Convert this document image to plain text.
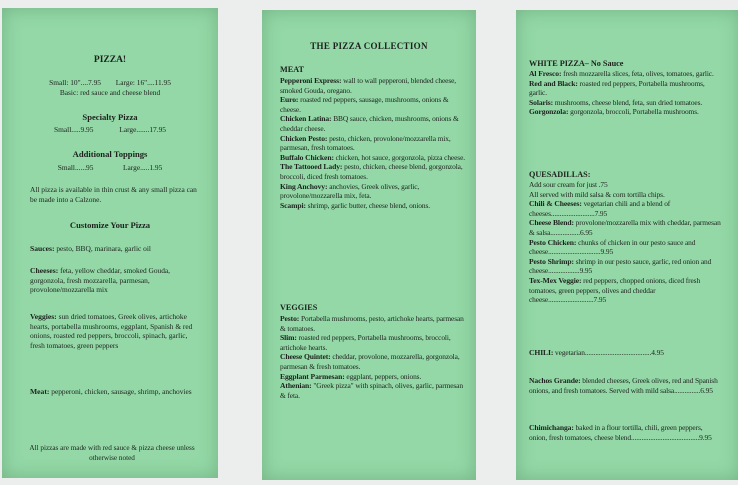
PIZZA!
Small: 10"....7.95        Large: 16"....11.95
Basic: red sauce and cheese blend
Specialty Pizza
Small.....9.95              Large.......17.95
Additional Toppings
Small......95                Large.....1.95
All pizza is available in thin crust & any small pizza can be made into a Calzone.
Customize Your Pizza
Sauces: pesto, BBQ, marinara, garlic oil
Cheeses: feta, yellow cheddar, smoked Gouda, gorgonzola, fresh mozzarella, parmesan, provolone/mozzarella mix
Veggies: sun dried tomatoes, Greek olives, artichoke hearts, portabella mushrooms, eggplant, Spanish & red onions, roasted red peppers, broccoli, spinach, garlic, fresh tomatoes, green peppers
Meat: pepperoni, chicken, sausage, shrimp, anchovies
All pizzas are made with red sauce & pizza cheese unless otherwise noted
THE PIZZA COLLECTION
MEAT
Pepperoni Express: wall to wall pepperoni, blended cheese, smoked Gouda, oregano.
Euro: roasted red peppers, sausage, mushrooms, onions & cheese.
Chicken Latina: BBQ sauce, chicken, mushrooms, onions & cheddar cheese.
Chicken Pesto: pesto, chicken, provolone/mozzarella mix, parmesan, fresh tomatoes.
Buffalo Chicken: chicken, hot sauce, gorgonzola, pizza cheese.
The Tattooed Lady: pesto, chicken, cheese blend, gorgonzola, broccoli, diced fresh tomatoes.
King Anchovy: anchovies, Greek olives, garlic, provolone/mozzarella mix, feta.
Scampi: shrimp, garlic butter, cheese blend, onions.
VEGGIES
Pesto: Portabella mushrooms, pesto, artichoke hearts, parmesan & tomatoes.
Slim: roasted red peppers, Portabella mushrooms, broccoli, artichoke hearts.
Cheese Quintet: cheddar, provolone, mozzarella, gorgonzola, parmesan & fresh tomatoes.
Eggplant Parmesan: eggplant, peppers, onions.
Athenian: "Greek pizza" with spinach, olives, garlic, parmesan & feta.
WHITE PIZZA– No Sauce
Al Fresco: fresh mozzarella slices, feta, olives, tomatoes, garlic.
Red and Black: roasted red peppers, Portabella mushrooms, garlic.
Solaris: mushrooms, cheese blend, feta, sun dried tomatoes. Gorgonzola: gorgonzola, broccoli, Portabella mushrooms.
QUESADILLAS:
Add sour cream for just .75
All served with mild salsa & corn tortilla chips.
Chili & Cheeses: vegetarian chili and a blend of cheeses.........................7.95
Cheese Blend: provolone/mozzarella mix with cheddar, parmesan & salsa.................6.95
Pesto Chicken: chunks of chicken in our pesto sauce and cheese..............................9.95
Pesto Shrimp: shrimp in our pesto sauce, garlic, red onion and cheese..................9.95
Tex-Mex Veggie: red peppers, chopped onions, diced fresh tomatoes, green peppers, olives and cheddar cheese..........................7.95
CHILI: vegetarian......................................4.95
Nachos Grande: blended cheeses, Greek olives, red and Spanish onions, and fresh tomatoes. Served with mild salsa...............6.95
Chimichanga: baked in a flour tortilla, chili, green peppers, onion, fresh tomatoes, cheese blend.......................................9.95
